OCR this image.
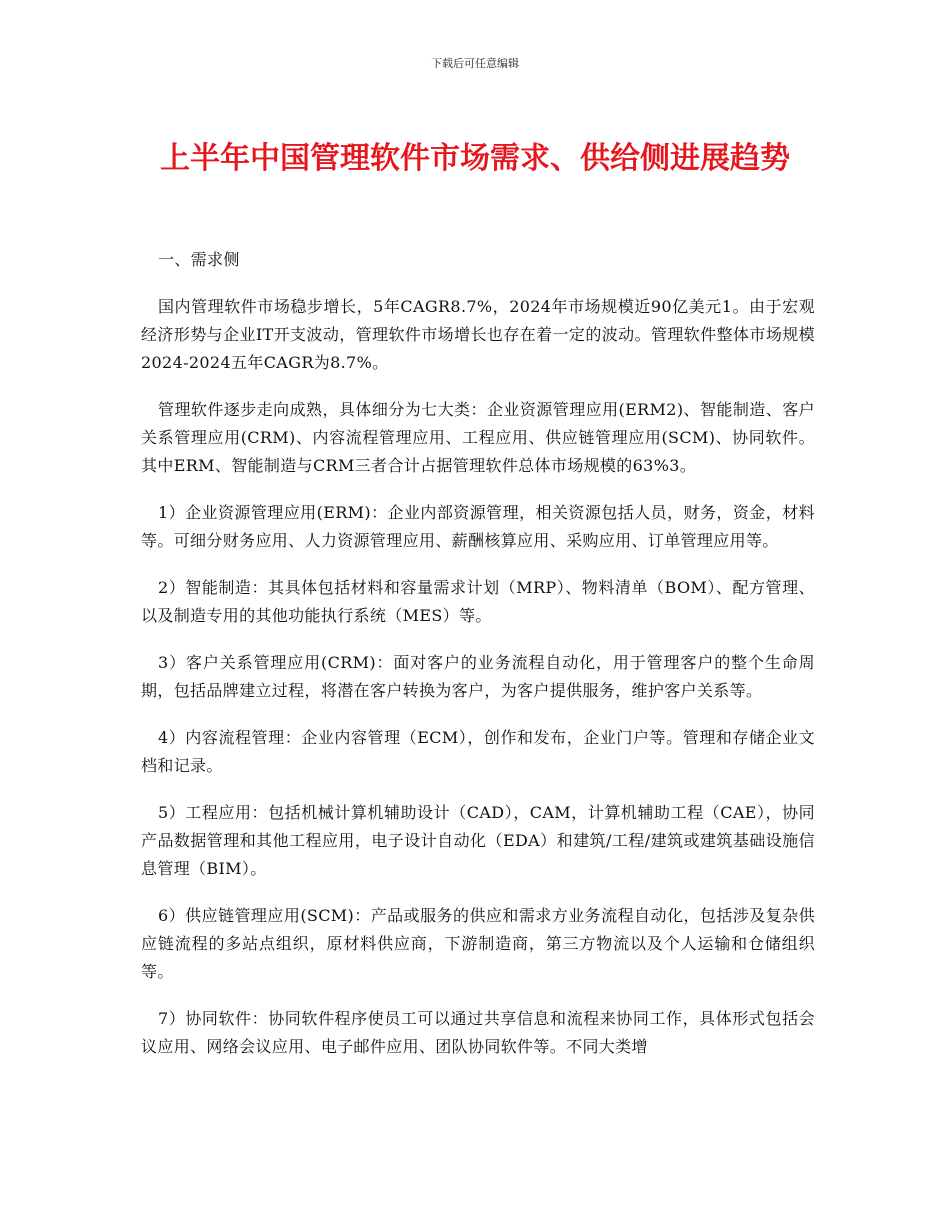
下载后可任意编辑
上半年中国管理软件市场需求、供给侧进展趋势

一、需求侧

国内管理软件市场稳步增长，5年CAGR8.7%，2024年市场规模近90亿美元1。由于宏观经济形势与企业IT开支波动，管理软件市场增长也存在着一定的波动。管理软件整体市场规模2024-2024五年CAGR为8.7%。

管理软件逐步走向成熟，具体细分为七大类：企业资源管理应用(ERM2)、智能制造、客户关系管理应用(CRM)、内容流程管理应用、工程应用、供应链管理应用(SCM)、协同软件。其中ERM、智能制造与CRM三者合计占据管理软件总体市场规模的63%3。

1）企业资源管理应用(ERM)：企业内部资源管理，相关资源包括人员，财务，资金，材料等。可细分财务应用、人力资源管理应用、薪酬核算应用、采购应用、订单管理应用等。

2）智能制造：其具体包括材料和容量需求计划（MRP）、物料清单（BOM）、配方管理、以及制造专用的其他功能执行系统（MES）等。

3）客户关系管理应用(CRM)：面对客户的业务流程自动化，用于管理客户的整个生命周期，包括品牌建立过程，将潜在客户转换为客户，为客户提供服务，维护客户关系等。

4）内容流程管理：企业内容管理（ECM），创作和发布，企业门户等。管理和存储企业文档和记录。

5）工程应用：包括机械计算机辅助设计（CAD），CAM，计算机辅助工程（CAE），协同产品数据管理和其他工程应用，电子设计自动化（EDA）和建筑/工程/建筑或建筑基础设施信息管理（BIM）。

6）供应链管理应用(SCM)：产品或服务的供应和需求方业务流程自动化，包括涉及复杂供应链流程的多站点组织，原材料供应商，下游制造商，第三方物流以及个人运输和仓储组织等。

7）协同软件：协同软件程序使员工可以通过共享信息和流程来协同工作，具体形式包括会议应用、网络会议应用、电子邮件应用、团队协同软件等。不同大类增
